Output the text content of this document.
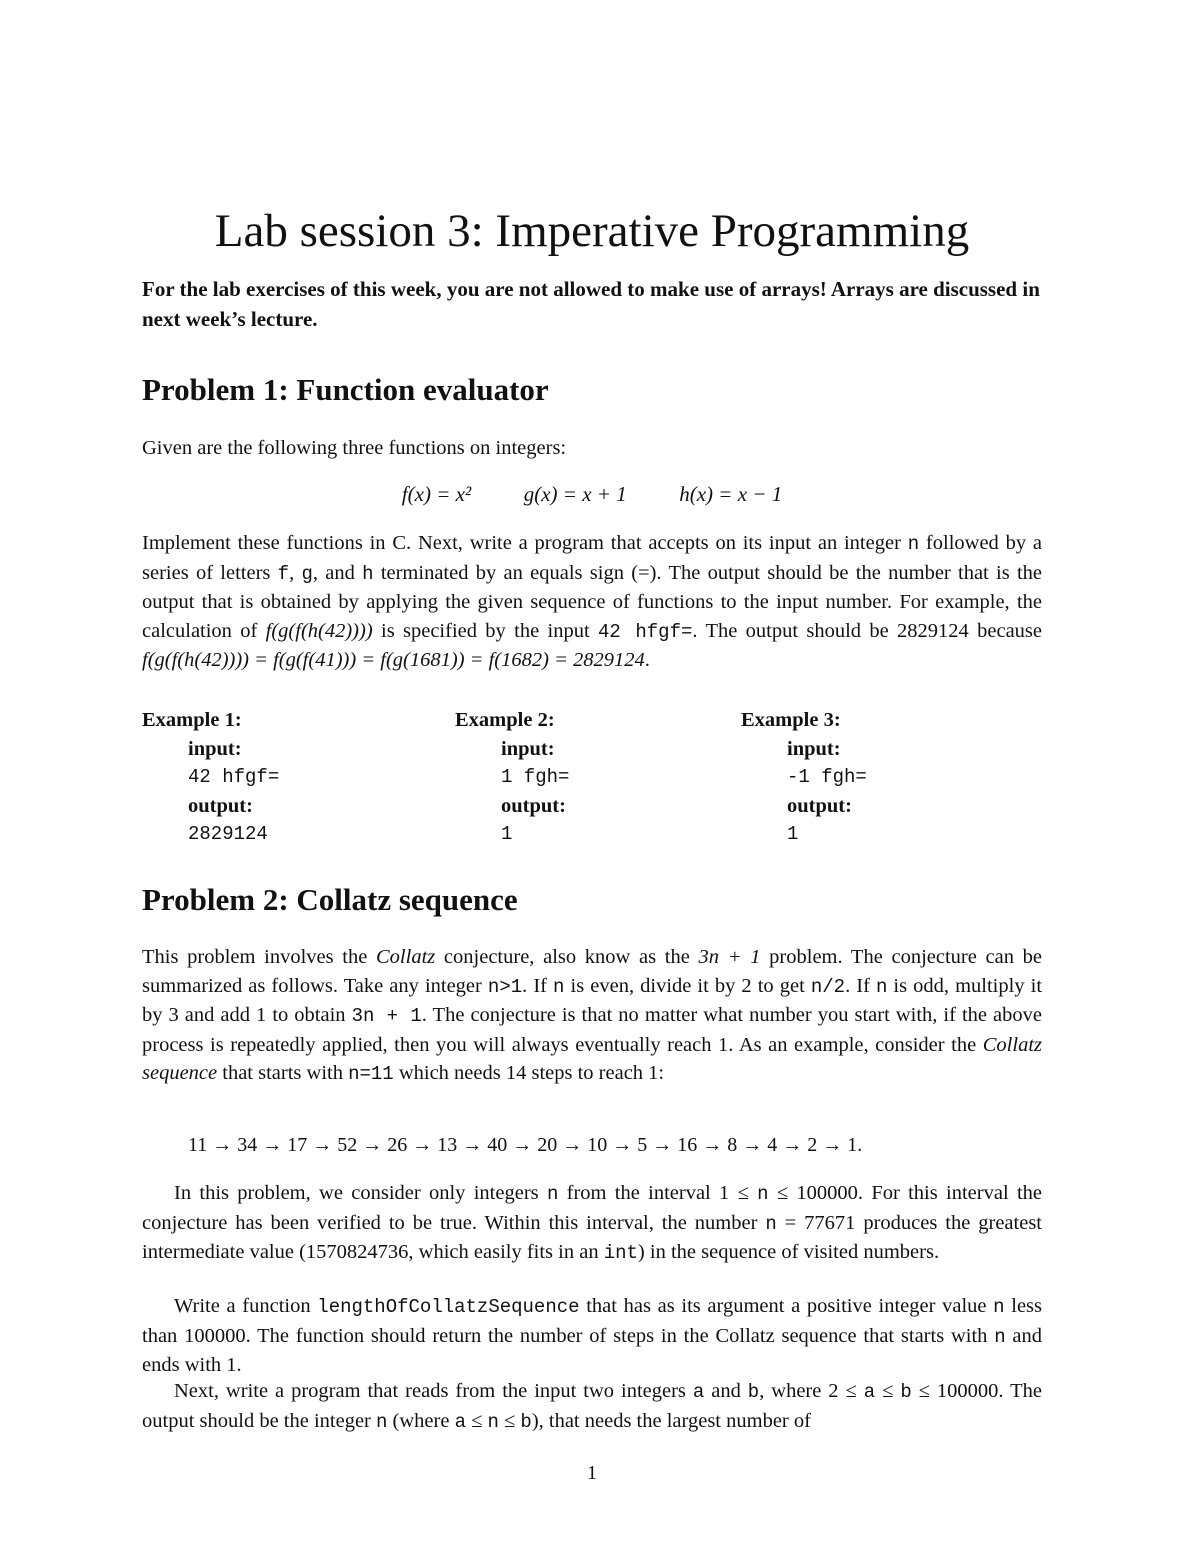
Lab session 3: Imperative Programming

For the lab exercises of this week, you are not allowed to make use of arrays! Arrays are discussed in next week’s lecture.

Problem 1: Function evaluator

Given are the following three functions on integers:

f(x) = x²	g(x) = x + 1	h(x) = x − 1

Implement these functions in C. Next, write a program that accepts on its input an integer n followed by a series of letters f, g, and h terminated by an equals sign (=). The output should be the number that is the output that is obtained by applying the given sequence of functions to the input number. For example, the calculation of f(g(f(h(42)))) is specified by the input 42 hfgf=. The output should be 2829124 because f(g(f(h(42)))) = f(g(f(41))) = f(g(1681)) = f(1682) = 2829124.

Example 1:
input:
42 hfgf=
output:
2829124
Example 2:
input:
1 fgh=
output:
1
Example 3:
input:
-1 fgh=
output:
1
Problem 2: Collatz sequence

This problem involves the Collatz conjecture, also know as the 3n + 1 problem. The conjecture can be summarized as follows. Take any integer n>1. If n is even, divide it by 2 to get n/2. If n is odd, multiply it by 3 and add 1 to obtain 3n + 1. The conjecture is that no matter what number you start with, if the above process is repeatedly applied, then you will always eventually reach 1. As an example, consider the Collatz sequence that starts with n=11 which needs 14 steps to reach 1:

11 → 34 → 17 → 52 → 26 → 13 → 40 → 20 → 10 → 5 → 16 → 8 → 4 → 2 → 1.

In this problem, we consider only integers n from the interval 1 ≤ n ≤ 100000. For this interval the conjecture has been verified to be true. Within this interval, the number n = 77671 produces the greatest intermediate value (1570824736, which easily fits in an int) in the sequence of visited numbers.

Write a function lengthOfCollatzSequence that has as its argument a positive integer value n less than 100000. The function should return the number of steps in the Collatz sequence that starts with n and ends with 1.

Next, write a program that reads from the input two integers a and b, where 2 ≤ a ≤ b ≤ 100000. The output should be the integer n (where a ≤ n ≤ b), that needs the largest number of

1
